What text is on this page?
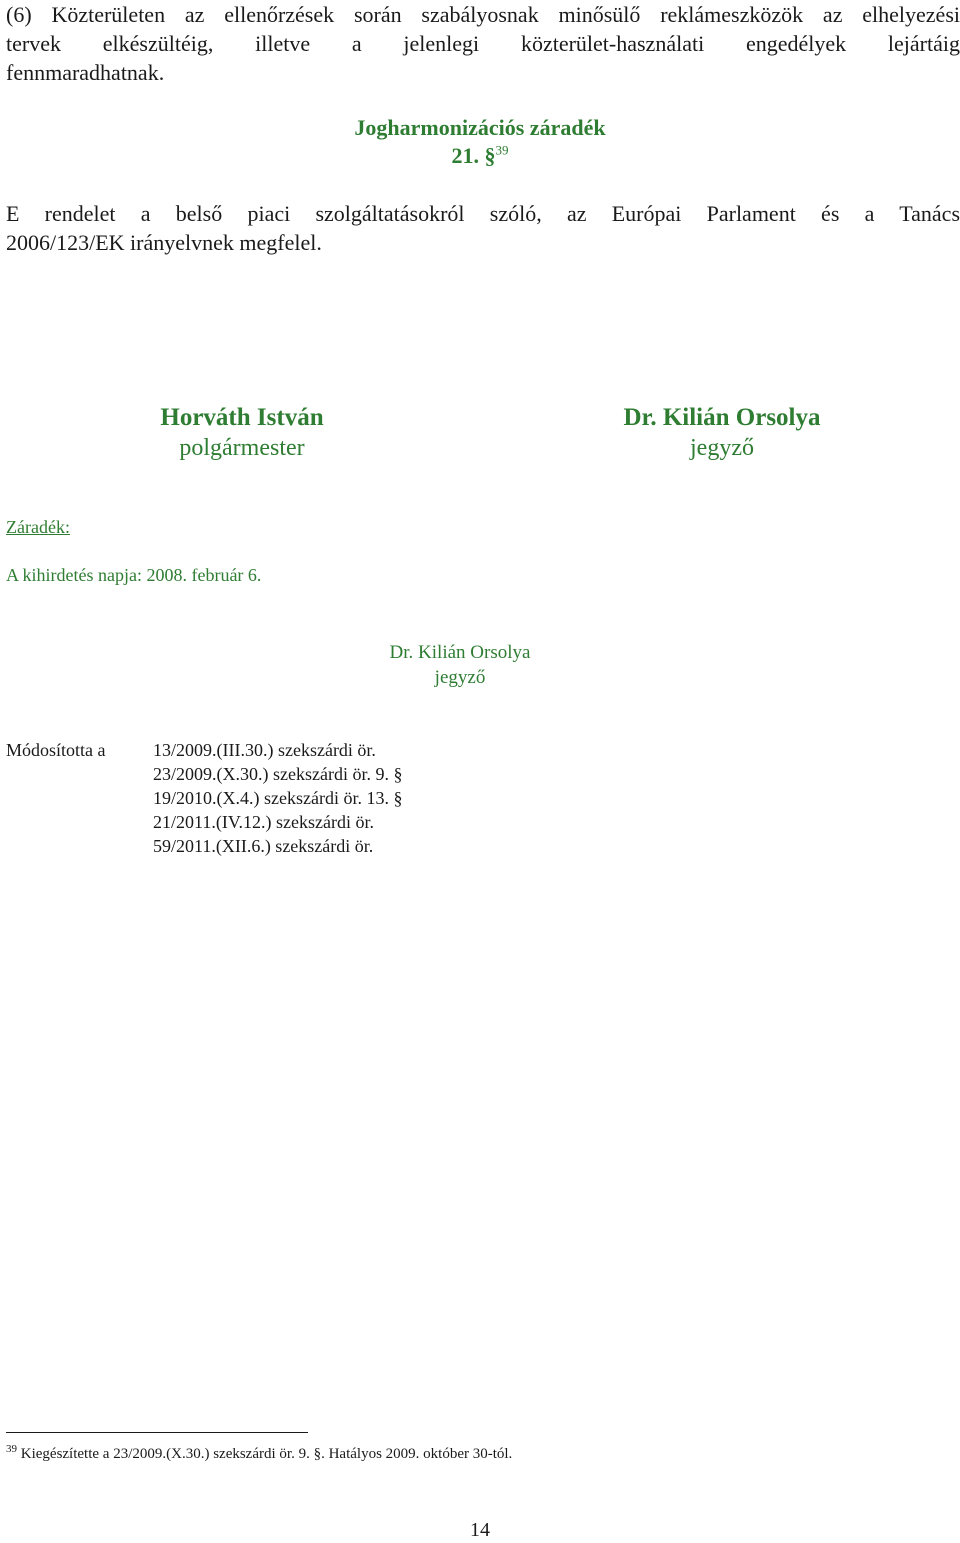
(6) Közterületen az ellenőrzések során szabályosnak minősülő reklámeszközök az elhelyezési
tervek elkészültéig, illetve a jelenlegi közterület-használati engedélyek lejártáig
fennmaradhatnak.
Jogharmonizációs záradék
21. §$^{39}$
E rendelet a belső piaci szolgáltatásokról szóló, az Európai Parlament és a Tanács
2006/123/EK irányelvnek megfelel.
Horváth István
polgármester
Dr. Kilián Orsolya
jegyző
Záradék:
A kihirdetés napja: 2008. február 6.
Dr. Kilián Orsolya
jegyző
Módosította a	13/2009.(III.30.) szekszárdi ör.
23/2009.(X.30.) szekszárdi ör. 9. §
19/2010.(X.4.) szekszárdi ör. 13. §
21/2011.(IV.12.) szekszárdi ör.
59/2011.(XII.6.) szekszárdi ör.
$^{39}$ Kiegészítette a 23/2009.(X.30.) szekszárdi ör. 9. §. Hatályos 2009. október 30-tól.
14
